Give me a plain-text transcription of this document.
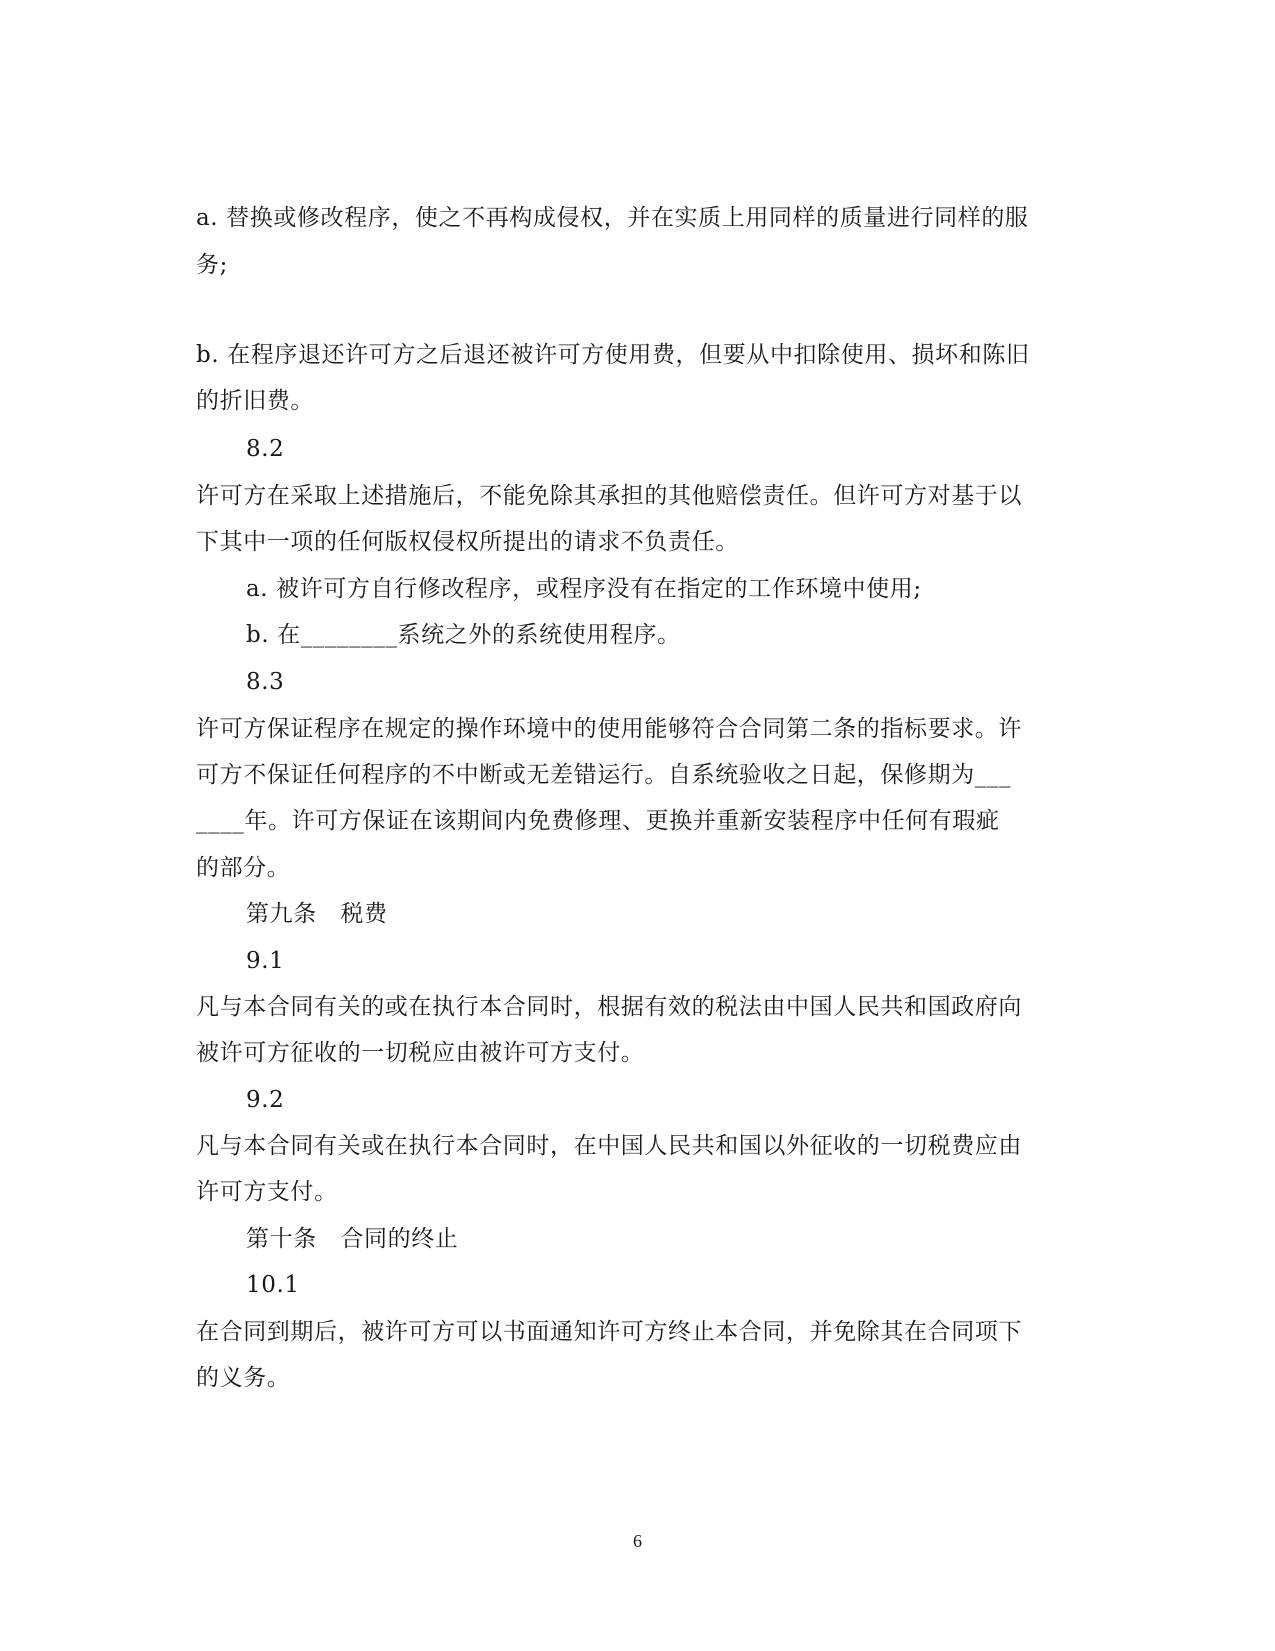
a. 替换或修改程序，使之不再构成侵权，并在实质上用同样的质量进行同样的服
务;
b. 在程序退还许可方之后退还被许可方使用费，但要从中扣除使用、损坏和陈旧
的折旧费。
8.2
许可方在采取上述措施后，不能免除其承担的其他赔偿责任。但许可方对基于以
下其中一项的任何版权侵权所提出的请求不负责任。
a. 被许可方自行修改程序，或程序没有在指定的工作环境中使用;
b. 在________系统之外的系统使用程序。
8.3
许可方保证程序在规定的操作环境中的使用能够符合合同第二条的指标要求。许
可方不保证任何程序的不中断或无差错运行。自系统验收之日起，保修期为___
____年。许可方保证在该期间内免费修理、更换并重新安装程序中任何有瑕疵
的部分。
第九条　税费
9.1
凡与本合同有关的或在执行本合同时，根据有效的税法由中国人民共和国政府向
被许可方征收的一切税应由被许可方支付。
9.2
凡与本合同有关或在执行本合同时，在中国人民共和国以外征收的一切税费应由
许可方支付。
第十条　合同的终止
10.1
在合同到期后，被许可方可以书面通知许可方终止本合同，并免除其在合同项下
的义务。
6
